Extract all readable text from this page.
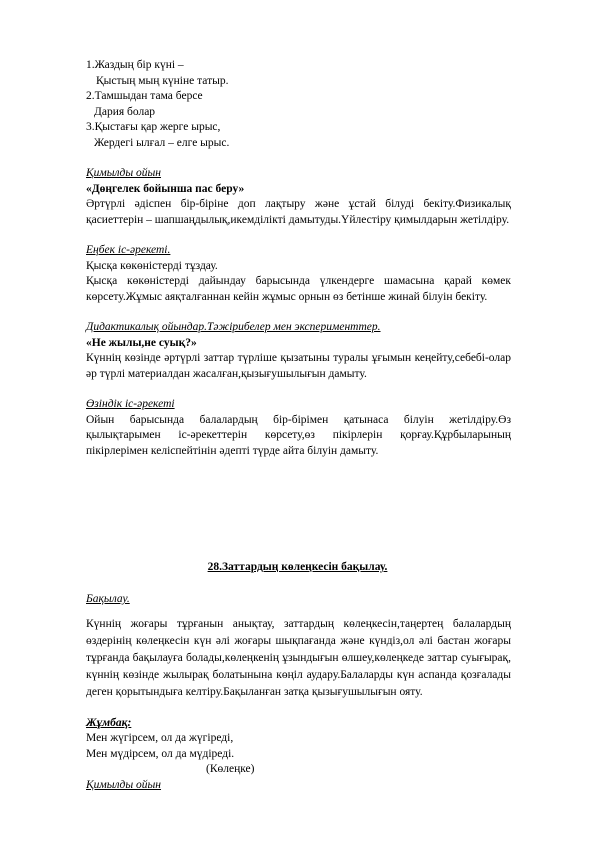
1.Жаздың бір күні –
Қыстың мың күніне татыр.
2.Тамшыдан тама берсе
Дария болар
3.Қыстағы қар жерге ырыс,
Жердегі ылғал – елге ырыс.
Қимылды ойын
«Дөңгелек бойынша пас беру»
Әртүрлі әдіспен бір-біріне доп лақтыру және ұстай білуді бекіту.Физикалық қасиеттерін – шапшаңдылық,икемділікті дамытуды.Үйлестіру қимылдарын жетілдіру.
Еңбек іс-әрекеті.
Қысқа көкөністерді тұздау.
Қысқа көкөністерді дайындау барысында үлкендерге шамасына қарай көмек көрсету.Жұмыс аяқталғаннан кейін жұмыс орнын өз бетінше жинай білуін бекіту.
Дидактикалық ойындар.Тәжірибелер мен эксперименттер.
«Не жылы,не суық?»
Күннің көзінде әртүрлі заттар түрліше қызатыны туралы ұғымын кеңейту,себебі-олар әр түрлі материалдан жасалған,қызығушылығын дамыту.
Өзіндік іс-әрекеті
Ойын барысында балалардың бір-бірімен қатынаса білуін жетілдіру.Өз қылықтарымен іс-әрекеттерін көрсету,өз пікірлерін қорғау.Құрбыларының пікірлерімен келіспейтінін әдепті түрде айта білуін дамыту.
28.Заттардың көлеңкесін бақылау.
Бақылау.
Күннің жоғары тұрғанын анықтау, заттардың көлеңкесін,таңертең балалардың өздерінің көлеңкесін күн әлі жоғары шықпағанда және күндіз,ол әлі бастан жоғары тұрғанда бақылауға болады,көлеңкенің ұзындығын өлшеу,көлеңкеде заттар суығырақ, күннің көзінде жылырақ болатынына көңіл аудару.Балаларды күн аспанда қозғалады деген қорытындыға келтіру.Бақыланған затқа қызығушылығын ояту.
Жұмбақ:
Мен жүгірсем, ол да жүгіреді,
Мен мүдірсем, ол да мүдіреді.
(Көлеңке)
Қимылды ойын
